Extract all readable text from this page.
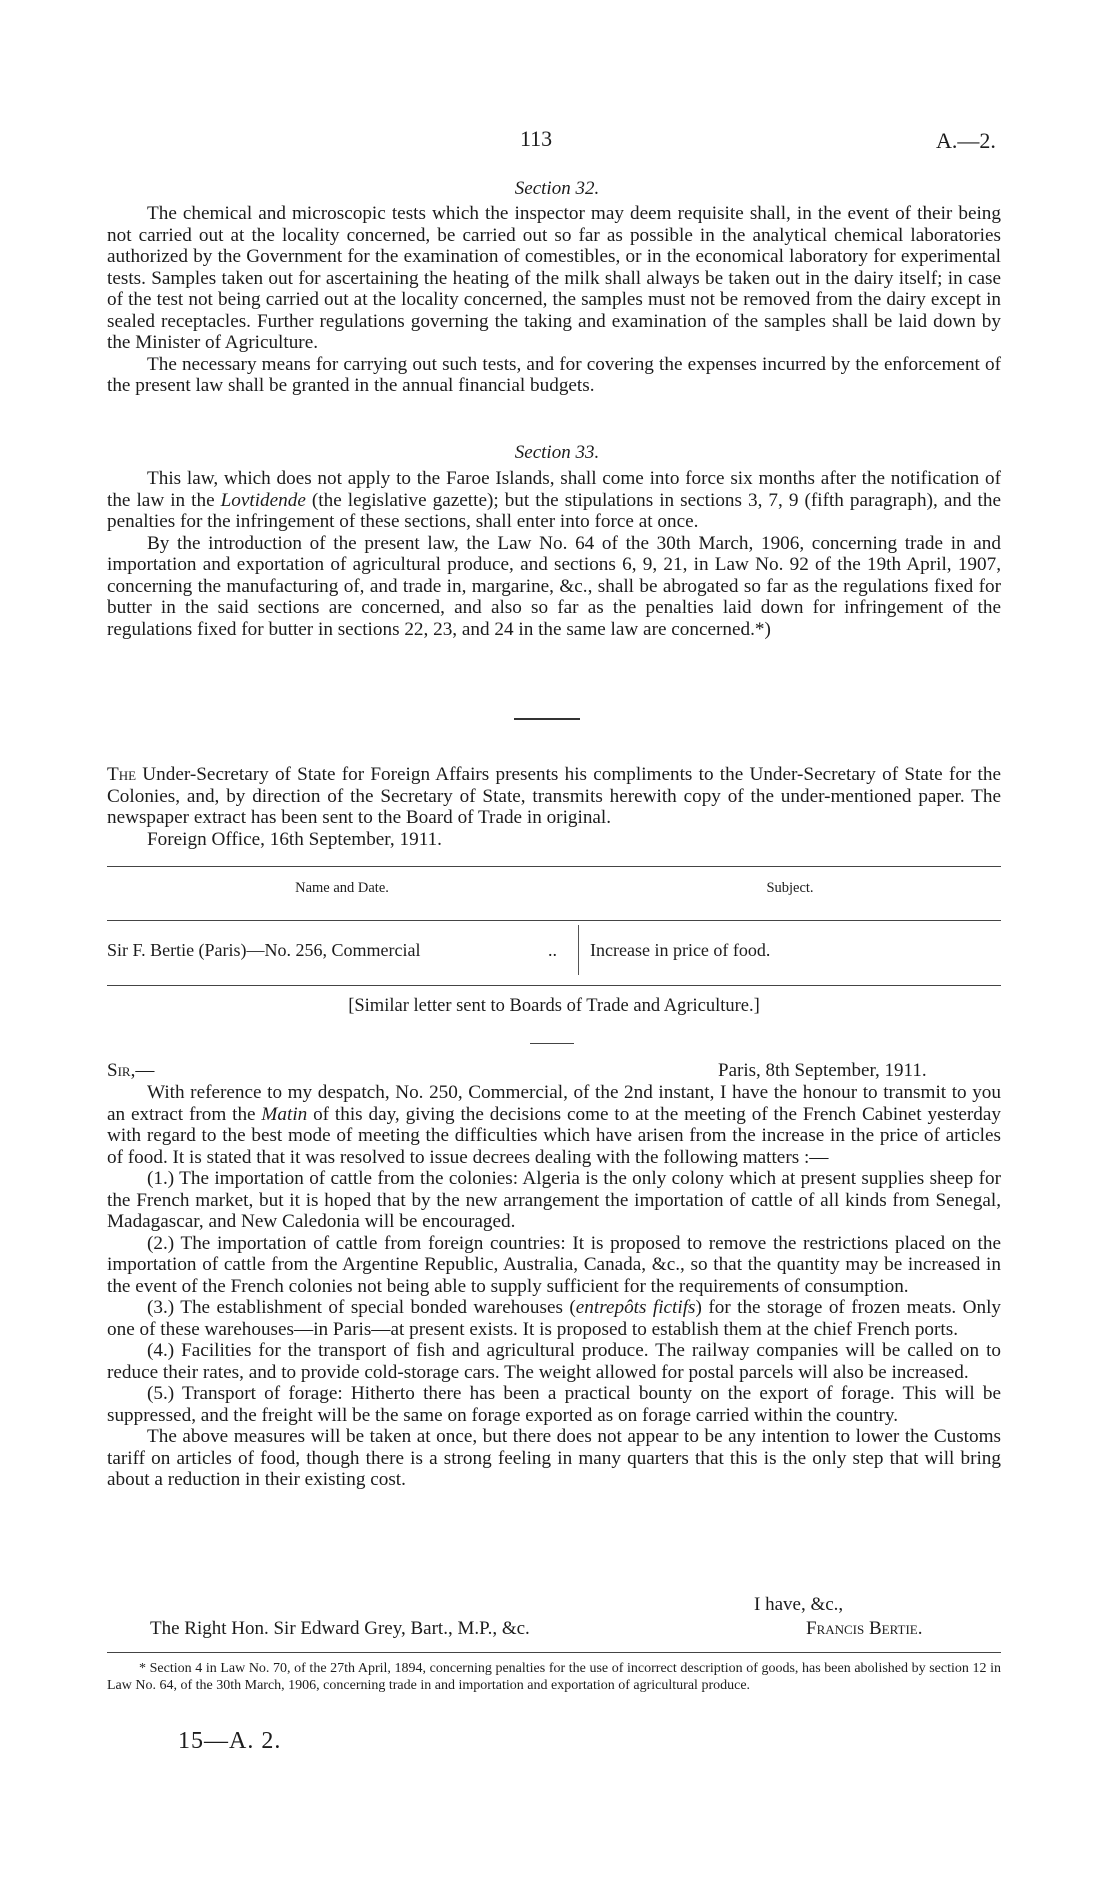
113	A.—2.
Section 32.

The chemical and microscopic tests which the inspector may deem requisite shall, in the event of their being not carried out at the locality concerned, be carried out so far as possible in the analytical chemical laboratories authorized by the Government for the examination of comestibles, or in the economical laboratory for experimental tests. Samples taken out for ascertaining the heating of the milk shall always be taken out in the dairy itself; in case of the test not being carried out at the locality concerned, the samples must not be removed from the dairy except in sealed receptacles. Further regulations governing the taking and examination of the samples shall be laid down by the Minister of Agriculture.

The necessary means for carrying out such tests, and for covering the expenses incurred by the enforcement of the present law shall be granted in the annual financial budgets.

Section 33.

This law, which does not apply to the Faroe Islands, shall come into force six months after the notification of the law in the Lovtidende (the legislative gazette); but the stipulations in sections 3, 7, 9 (fifth paragraph), and the penalties for the infringement of these sections, shall enter into force at once.

By the introduction of the present law, the Law No. 64 of the 30th March, 1906, concerning trade in and importation and exportation of agricultural produce, and sections 6, 9, 21, in Law No. 92 of the 19th April, 1907, concerning the manufacturing of, and trade in, margarine, &c., shall be abrogated so far as the regulations fixed for butter in the said sections are concerned, and also so far as the penalties laid down for infringement of the regulations fixed for butter in sections 22, 23, and 24 in the same law are concerned.*)

The Under-Secretary of State for Foreign Affairs presents his compliments to the Under-Secretary of State for the Colonies, and, by direction of the Secretary of State, transmits herewith copy of the under-mentioned paper. The newspaper extract has been sent to the Board of Trade in original.

Foreign Office, 16th September, 1911.

Name and Date.	Subject.
Sir F. Bertie (Paris)—No. 256, Commercial	.. Increase in price of food.
[Similar letter sent to Boards of Trade and Agriculture.]
Sir,—	Paris, 8th September, 1911.

With reference to my despatch, No. 250, Commercial, of the 2nd instant, I have the honour to transmit to you an extract from the Matin of this day, giving the decisions come to at the meeting of the French Cabinet yesterday with regard to the best mode of meeting the difficulties which have arisen from the increase in the price of articles of food. It is stated that it was resolved to issue decrees dealing with the following matters :—

(1.) The importation of cattle from the colonies: Algeria is the only colony which at present supplies sheep for the French market, but it is hoped that by the new arrangement the importation of cattle of all kinds from Senegal, Madagascar, and New Caledonia will be encouraged.

(2.) The importation of cattle from foreign countries: It is proposed to remove the restrictions placed on the importation of cattle from the Argentine Republic, Australia, Canada, &c., so that the quantity may be increased in the event of the French colonies not being able to supply sufficient for the requirements of consumption.

(3.) The establishment of special bonded warehouses (entrepôts fictifs) for the storage of frozen meats. Only one of these warehouses—in Paris—at present exists. It is proposed to establish them at the chief French ports.

(4.) Facilities for the transport of fish and agricultural produce. The railway companies will be called on to reduce their rates, and to provide cold-storage cars. The weight allowed for postal parcels will also be increased.

(5.) Transport of forage: Hitherto there has been a practical bounty on the export of forage. This will be suppressed, and the freight will be the same on forage exported as on forage carried within the country.

The above measures will be taken at once, but there does not appear to be any intention to lower the Customs tariff on articles of food, though there is a strong feeling in many quarters that this is the only step that will bring about a reduction in their existing cost.

I have, &c.,
The Right Hon. Sir Edward Grey, Bart., M.P., &c.	Francis Bertie.
* Section 4 in Law No. 70, of the 27th April, 1894, concerning penalties for the use of incorrect description of goods, has been abolished by section 12 in Law No. 64, of the 30th March, 1906, concerning trade in and importation and exportation of agricultural produce.
15—A. 2.
